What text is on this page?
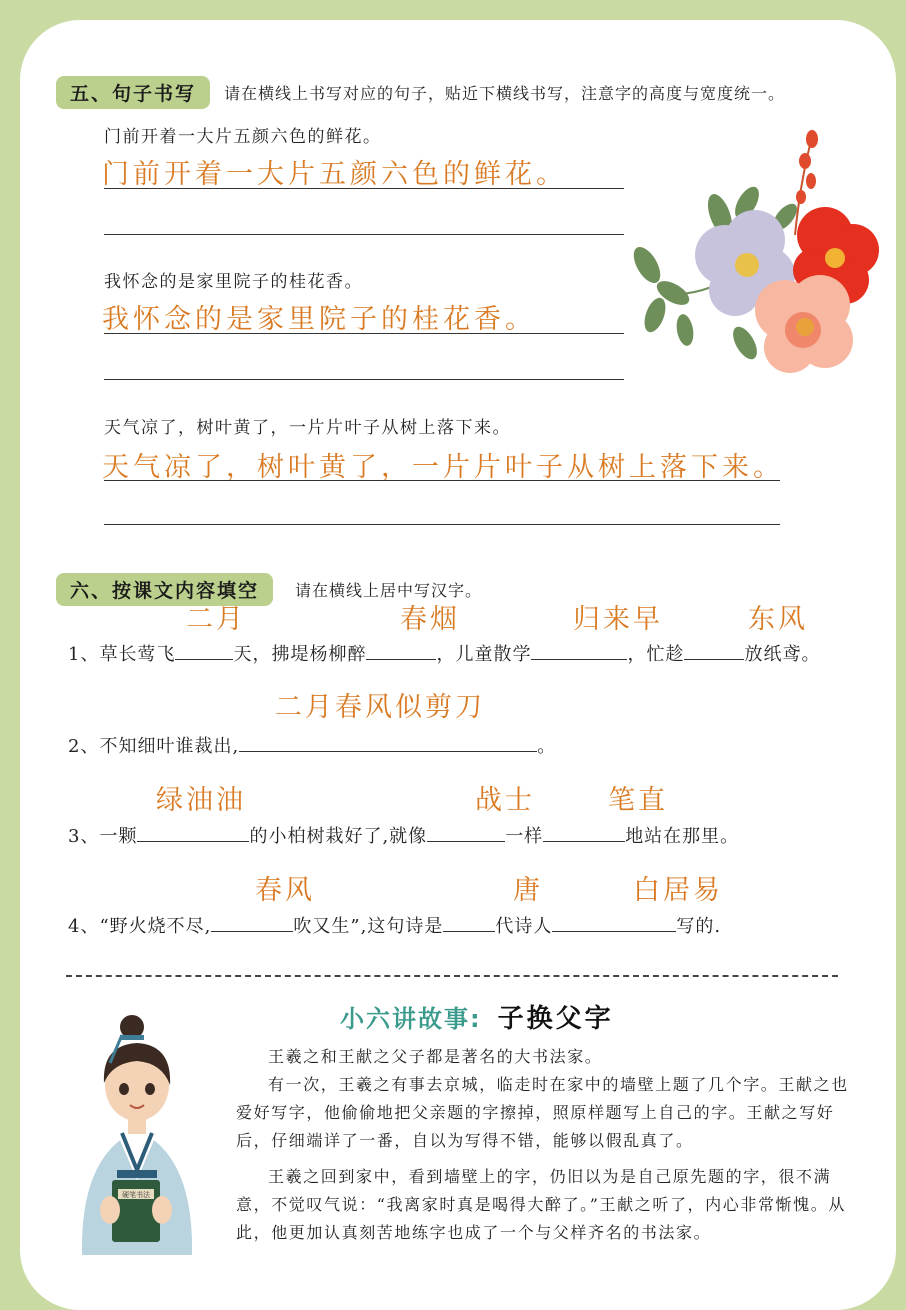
五、句子书写	请在横线上书写对应的句子，贴近下横线书写，注意字的高度与宽度统一。
门前开着一大片五颜六色的鲜花。
门前开着一大片五颜六色的鲜花。
我怀念的是家里院子的桂花香。
我怀念的是家里院子的桂花香。
天气凉了，树叶黄了，一片片叶子从树上落下来。
天气凉了，树叶黄了，一片片叶子从树上落下来。
六、按课文内容填空	请在横线上居中写汉字。
二月	春烟	归来早	东风
1、草长莺飞	天，拂堤杨柳醉	，儿童散学	，忙趁	放纸鸢。
二月春风似剪刀
2、不知细叶谁裁出,	。
绿油油	战士	笔直
3、一颗	的小柏树栽好了,就像	一样	地站在那里。
春风	唐	白居易
4、“野火烧不尽,	吹又生”,这句诗是	代诗人	写的.
小六讲故事: 子换父字
硬笔书法

王羲之和王献之父子都是著名的大书法家。

有一次，王羲之有事去京城，临走时在家中的墙壁上题了几个字。王献之也爱好写字，他偷偷地把父亲题的字擦掉，照原样题写上自己的字。王献之写好后，仔细端详了一番，自以为写得不错，能够以假乱真了。

王羲之回到家中，看到墙壁上的字，仍旧以为是自己原先题的字，很不满意，不觉叹气说：“我离家时真是喝得大醉了。”王献之听了，内心非常惭愧。从此，他更加认真刻苦地练字也成了一个与父样齐名的书法家。
